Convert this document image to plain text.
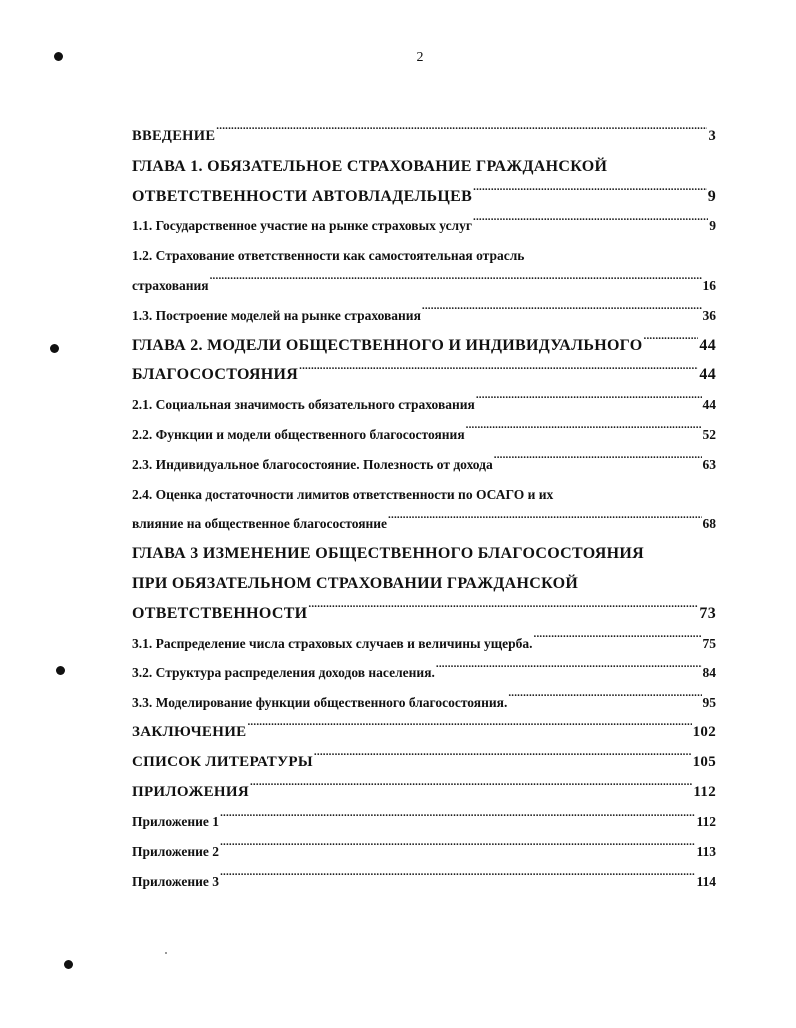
2
ВВЕДЕНИЕ .....	3
ГЛАВА 1. ОБЯЗАТЕЛЬНОЕ СТРАХОВАНИЕ ГРАЖДАНСКОЙ
ОТВЕТСТВЕННОСТИ АВТОВЛАДЕЛЬЦЕВ .....	9
1.1. Государственное участие на рынке страховых услуг .....	9
1.2. Страхование ответственности как самостоятельная отрасль
страхования .....	16
1.3. Построение моделей на рынке страхования .....	36
ГЛАВА 2. МОДЕЛИ ОБЩЕСТВЕННОГО И ИНДИВИДУАЛЬНОГО .....	44
БЛАГОСОСТОЯНИЯ .....	44
2.1. Социальная значимость обязательного страхования .....	44
2.2. Функции и модели общественного благосостояния .....	52
2.3. Индивидуальное благосостояние. Полезность от дохода .....	63
2.4. Оценка достаточности лимитов ответственности по ОСАГО и их
влияние на общественное благосостояние .....	68
ГЛАВА 3 ИЗМЕНЕНИЕ ОБЩЕСТВЕННОГО БЛАГОСОСТОЯНИЯ
ПРИ ОБЯЗАТЕЛЬНОМ СТРАХОВАНИИ ГРАЖДАНСКОЙ
ОТВЕТСТВЕННОСТИ .....	73
3.1. Распределение числа страховых случаев и величины ущерба. .....	75
3.2. Структура распределения доходов населения. .....	84
3.3. Моделирование функции общественного благосостояния. .....	95
ЗАКЛЮЧЕНИЕ .....	102
СПИСОК ЛИТЕРАТУРЫ .....	105
ПРИЛОЖЕНИЯ .....	112
Приложение 1 .....	112
Приложение 2 .....	113
Приложение 3 .....	114
